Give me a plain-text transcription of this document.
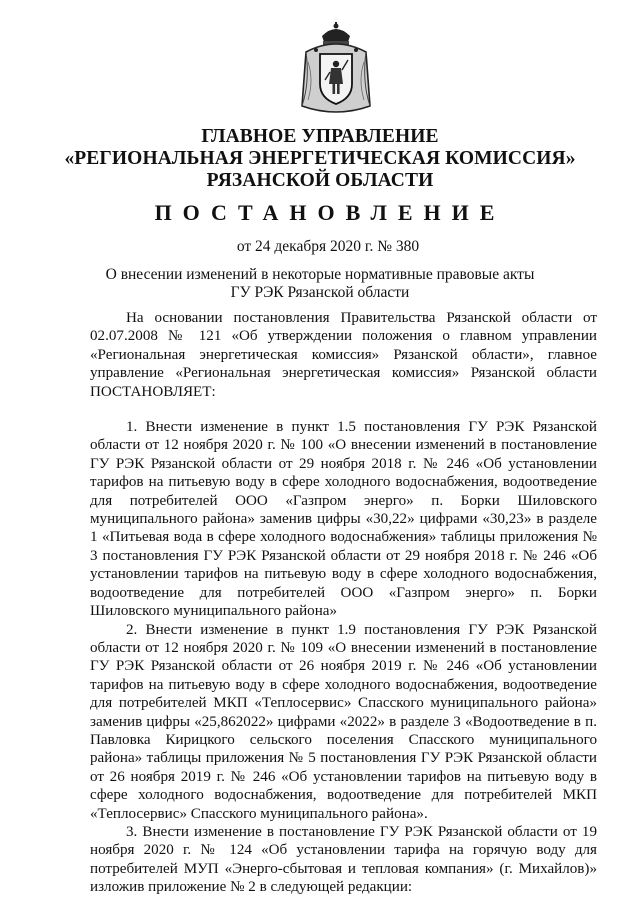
ГЛАВНОЕ УПРАВЛЕНИЕ
«РЕГИОНАЛЬНАЯ ЭНЕРГЕТИЧЕСКАЯ КОМИССИЯ»
РЯЗАНСКОЙ ОБЛАСТИ
ПОСТАНОВЛЕНИЕ
от 24 декабря 2020 г. № 380
О внесении изменений в некоторые нормативные правовые акты
ГУ РЭК Рязанской области

На основании постановления Правительства Рязанской области от 02.07.2008 № 121 «Об утверждении положения о главном управлении «Региональная энергетическая комиссия» Рязанской области», главное управление «Региональная энергетическая комиссия» Рязанской области ПОСТАНОВЛЯЕТ:

1. Внести изменение в пункт 1.5 постановления ГУ РЭК Рязанской области от 12 ноября 2020 г. № 100 «О внесении изменений в постановление ГУ РЭК Рязанской области от 29 ноября 2018 г. № 246 «Об установлении тарифов на питьевую воду в сфере холодного водоснабжения, водоотведение для потребителей ООО «Газпром энерго» п. Борки Шиловского муниципального района» заменив цифры «30,22» цифрами «30,23» в разделе 1 «Питьевая вода в сфере холодного водоснабжения» таблицы приложения № 3 постановления ГУ РЭК Рязанской области от 29 ноября 2018 г. № 246 «Об установлении тарифов на питьевую воду в сфере холодного водоснабжения, водоотведение для потребителей ООО «Газпром энерго» п. Борки Шиловского муниципального района»

2. Внести изменение в пункт 1.9 постановления ГУ РЭК Рязанской области от 12 ноября 2020 г. № 109 «О внесении изменений в постановление ГУ РЭК Рязанской области от 26 ноября 2019 г. № 246 «Об установлении тарифов на питьевую воду в сфере холодного водоснабжения, водоотведение для потребителей МКП «Теплосервис» Спасского муниципального района» заменив цифры «25,862022» цифрами «2022» в разделе 3 «Водоотведение в п. Павловка Кирицкого сельского поселения Спасского муниципального района» таблицы приложения № 5 постановления ГУ РЭК Рязанской области от 26 ноября 2019 г. № 246 «Об установлении тарифов на питьевую воду в сфере холодного водоснабжения, водоотведение для потребителей МКП «Теплосервис» Спасского муниципального района».

3. Внести изменение в постановление ГУ РЭК Рязанской области от 19 ноября 2020 г. № 124 «Об установлении тарифа на горячую воду для потребителей МУП «Энерго-сбытовая и тепловая компания» (г. Михайлов)» изложив приложение № 2 в следующей редакции:
